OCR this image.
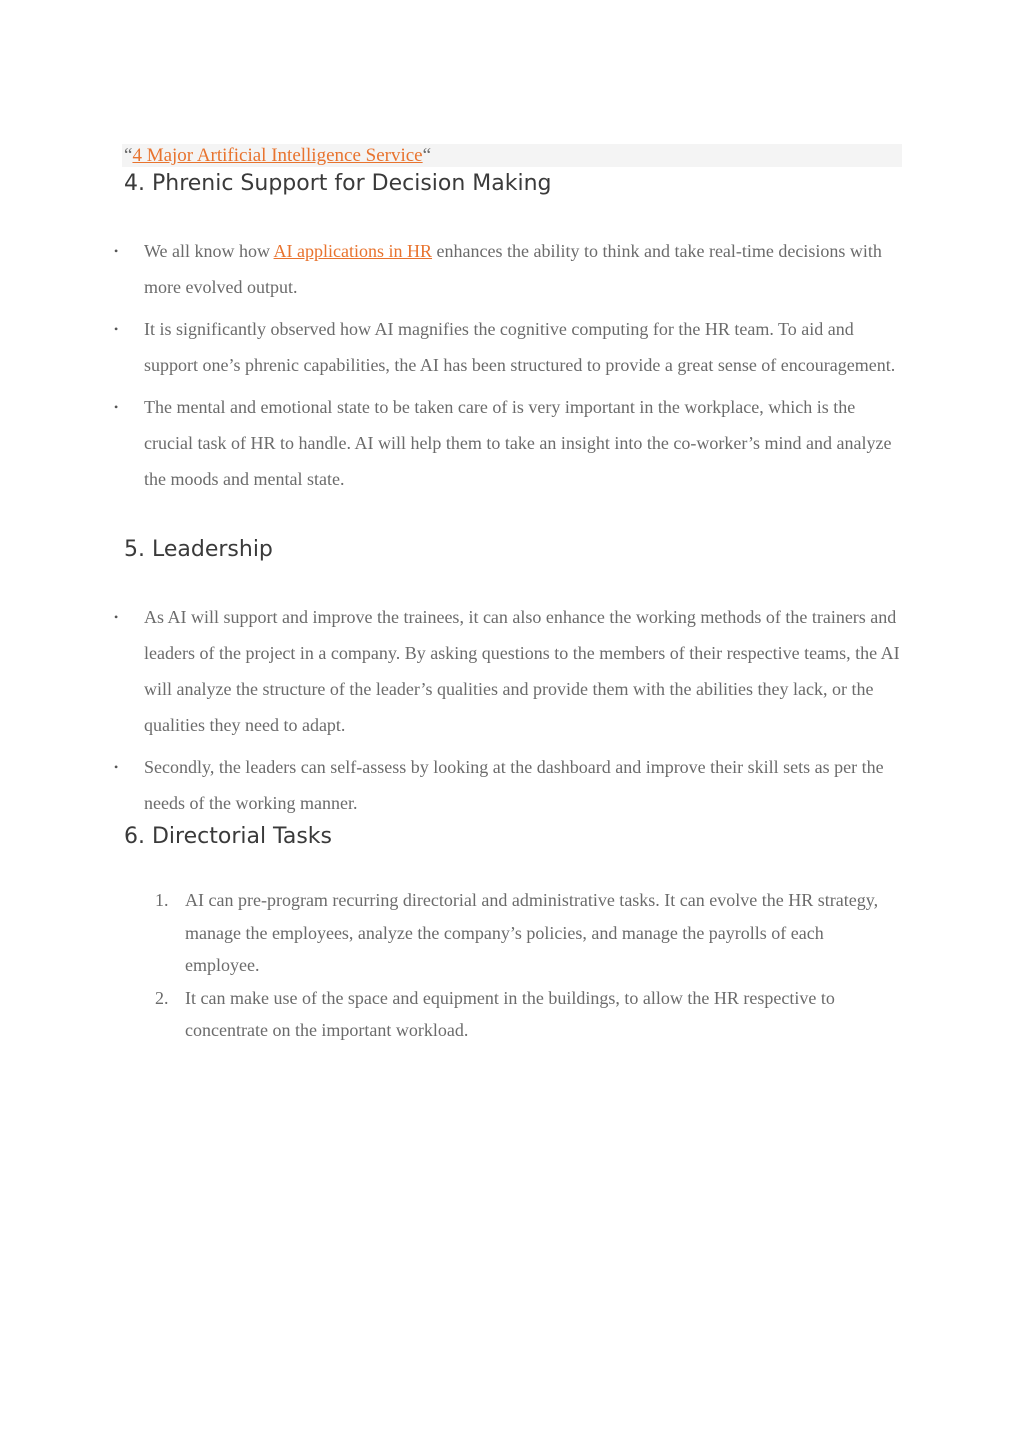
“4 Major Artificial Intelligence Service“
4. Phrenic Support for Decision Making
• We all know how AI applications in HR enhances the ability to think and take real-time decisions with more evolved output.
• It is significantly observed how AI magnifies the cognitive computing for the HR team. To aid and support one’s phrenic capabilities, the AI has been structured to provide a great sense of encouragement.
• The mental and emotional state to be taken care of is very important in the workplace, which is the crucial task of HR to handle. AI will help them to take an insight into the co-worker’s mind and analyze the moods and mental state.
5. Leadership
• As AI will support and improve the trainees, it can also enhance the working methods of the trainers and leaders of the project in a company. By asking questions to the members of their respective teams, the AI will analyze the structure of the leader’s qualities and provide them with the abilities they lack, or the qualities they need to adapt.
• Secondly, the leaders can self-assess by looking at the dashboard and improve their skill sets as per the needs of the working manner.
6. Directorial Tasks
1. AI can pre-program recurring directorial and administrative tasks. It can evolve the HR strategy, manage the employees, analyze the company’s policies, and manage the payrolls of each employee.
2. It can make use of the space and equipment in the buildings, to allow the HR respective to concentrate on the important workload.
